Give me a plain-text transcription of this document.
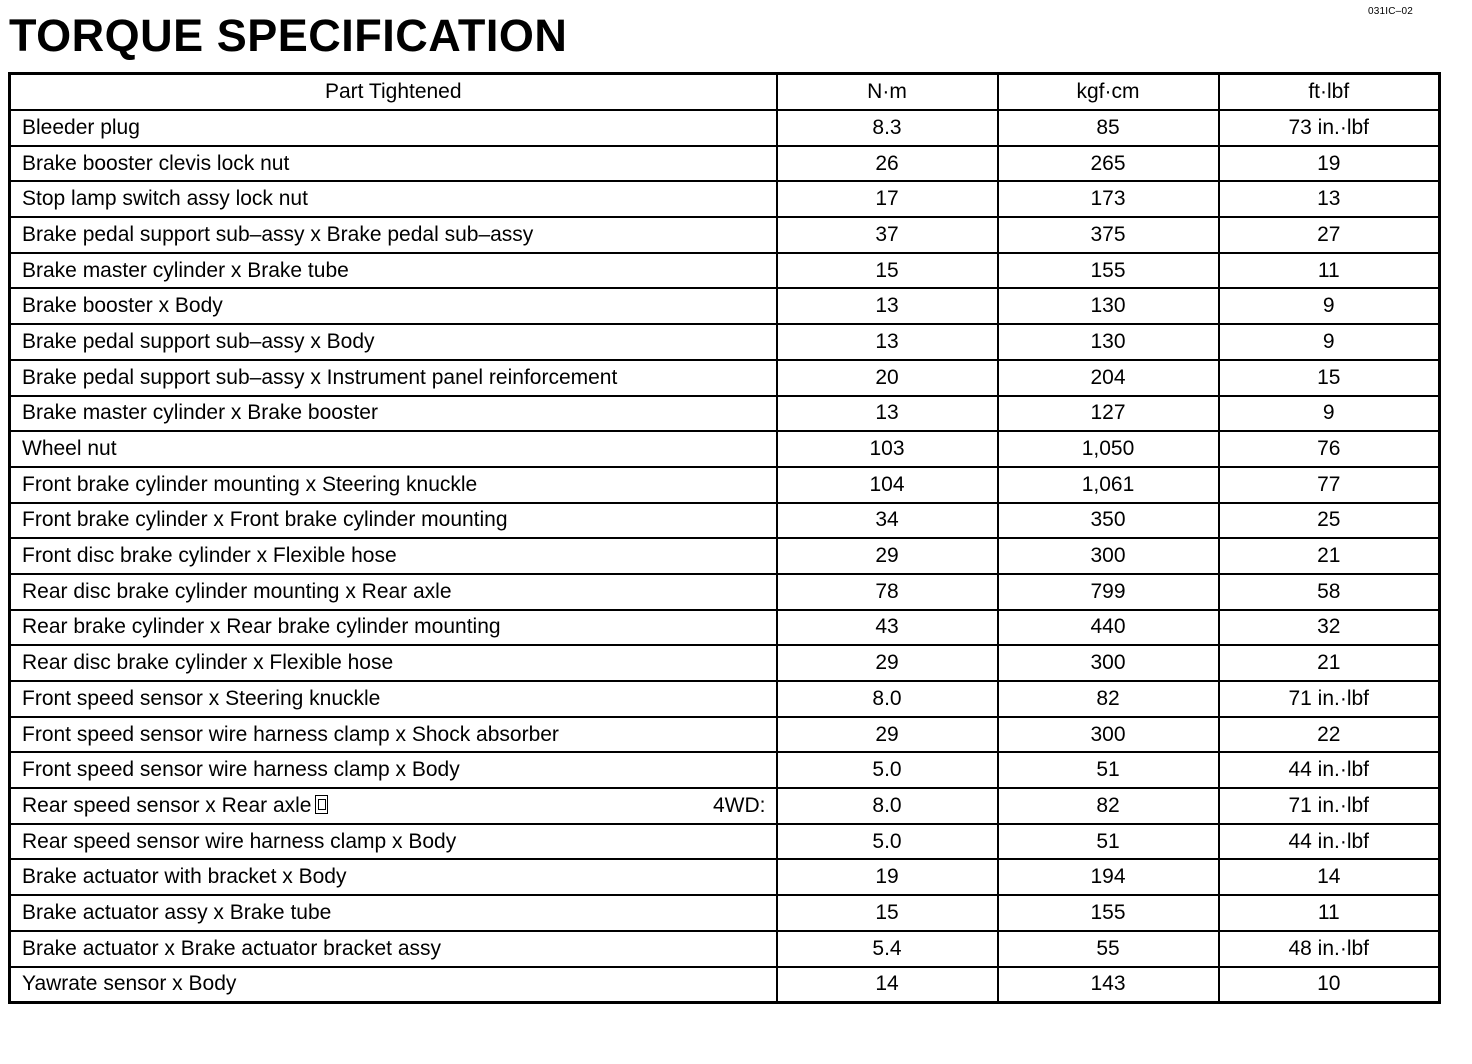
031IC–02
TORQUE SPECIFICATION
Part Tightened	N·m	kgf·cm	ft·lbf
Bleeder plug	8.3	85	73 in.·lbf
Brake booster clevis lock nut	26	265	19
Stop lamp switch assy lock nut	17	173	13
Brake pedal support sub–assy x Brake pedal sub–assy	37	375	27
Brake master cylinder x Brake tube	15	155	11
Brake booster x Body	13	130	9
Brake pedal support sub–assy x Body	13	130	9
Brake pedal support sub–assy x Instrument panel reinforcement	20	204	15
Brake master cylinder x Brake booster	13	127	9
Wheel nut	103	1,050	76
Front brake cylinder mounting x Steering knuckle	104	1,061	77
Front brake cylinder x Front brake cylinder mounting	34	350	25
Front disc brake cylinder x Flexible hose	29	300	21
Rear disc brake cylinder mounting x Rear axle	78	799	58
Rear brake cylinder x Rear brake cylinder mounting	43	440	32
Rear disc brake cylinder x Flexible hose	29	300	21
Front speed sensor x Steering knuckle	8.0	82	71 in.·lbf
Front speed sensor wire harness clamp x Shock absorber	29	300	22
Front speed sensor wire harness clamp x Body	5.0	51	44 in.·lbf
Rear speed sensor x Rear axle 4WD:	8.0	82	71 in.·lbf
Rear speed sensor wire harness clamp x Body	5.0	51	44 in.·lbf
Brake actuator with bracket x Body	19	194	14
Brake actuator assy x Brake tube	15	155	11
Brake actuator x Brake actuator bracket assy	5.4	55	48 in.·lbf
Yawrate sensor x Body	14	143	10
